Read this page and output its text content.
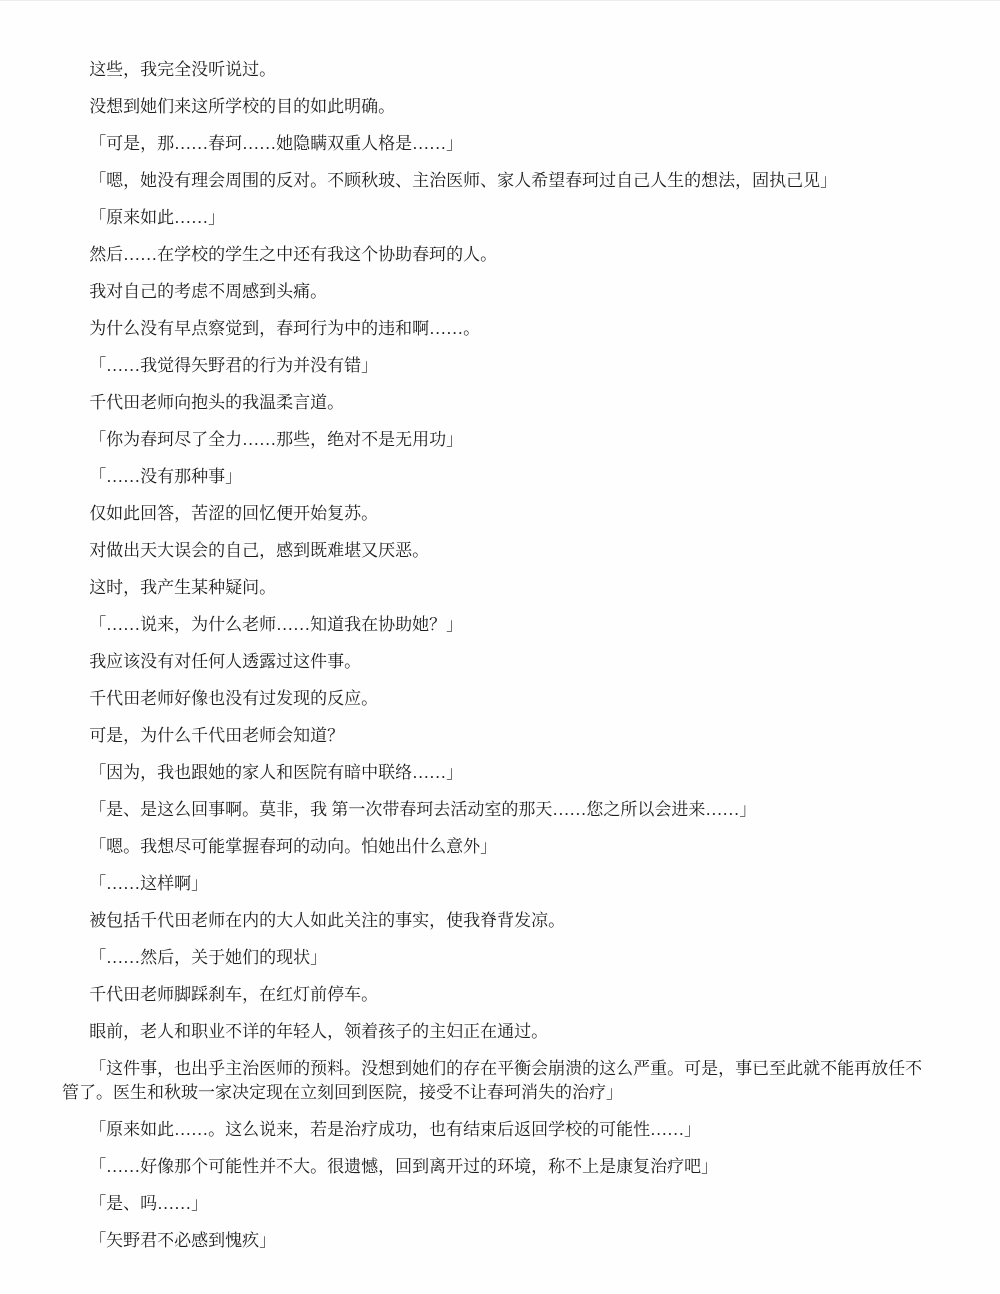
这些，我完全没听说过。

没想到她们来这所学校的目的如此明确。

「可是，那……春珂……她隐瞒双重人格是……」

「嗯，她没有理会周围的反对。不顾秋玻、主治医师、家人希望春珂过自己人生的想法，固执己见」

「原来如此……」

然后……在学校的学生之中还有我这个协助春珂的人。

我对自己的考虑不周感到头痛。

为什么没有早点察觉到，春珂行为中的违和啊……。

「……我觉得矢野君的行为并没有错」

千代田老师向抱头的我温柔言道。

「你为春珂尽了全力……那些，绝对不是无用功」

「……没有那种事」

仅如此回答，苦涩的回忆便开始复苏。

对做出天大误会的自己，感到既难堪又厌恶。

这时，我产生某种疑问。

「……说来，为什么老师……知道我在协助她？」

我应该没有对任何人透露过这件事。

千代田老师好像也没有过发现的反应。

可是，为什么千代田老师会知道？

「因为，我也跟她的家人和医院有暗中联络……」

「是、是这么回事啊。莫非，我 第一次带春珂去活动室的那天……您之所以会进来……」

「嗯。我想尽可能掌握春珂的动向。怕她出什么意外」

「……这样啊」

被包括千代田老师在内的大人如此关注的事实，使我脊背发凉。

「……然后，关于她们的现状」

千代田老师脚踩刹车，在红灯前停车。

眼前，老人和职业不详的年轻人，领着孩子的主妇正在通过。

「这件事，也出乎主治医师的预料。没想到她们的存在平衡会崩溃的这么严重。可是，事已至此就不能再放任不管了。医生和秋玻一家决定现在立刻回到医院，接受不让春珂消失的治疗」

「原来如此……。这么说来，若是治疗成功，也有结束后返回学校的可能性……」

「……好像那个可能性并不大。很遗憾，回到离开过的环境，称不上是康复治疗吧」

「是、吗……」

「矢野君不必感到愧疚」
